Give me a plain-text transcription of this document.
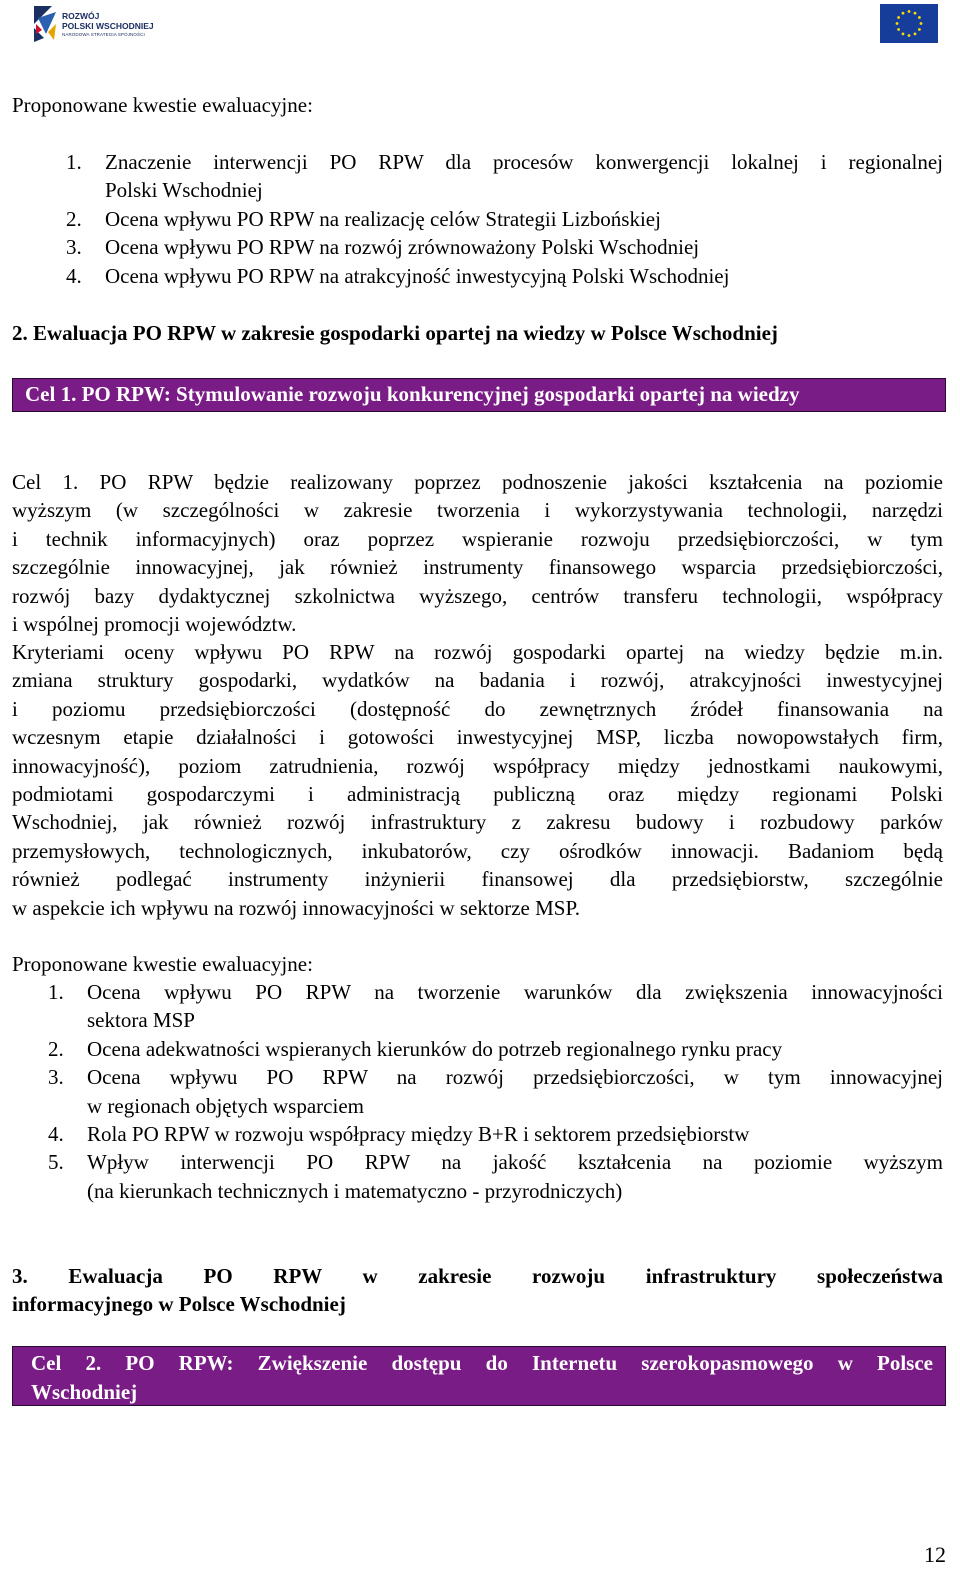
ROZWÓJ
POLSKI WSCHODNIEJ
NARODOWA STRATEGIA SPÓJNOŚCI
Proponowane kwestie ewaluacyjne:
1. Znaczenie interwencji PO RPW dla procesów konwergencji lokalnej i regionalnej
Polski Wschodniej
2. Ocena wpływu PO RPW na realizację celów Strategii Lizbońskiej
3. Ocena wpływu PO RPW na rozwój zrównoważony Polski Wschodniej
4. Ocena wpływu PO RPW na atrakcyjność inwestycyjną Polski Wschodniej
2. Ewaluacja PO RPW w zakresie gospodarki opartej na wiedzy w Polsce Wschodniej
Cel 1. PO RPW: Stymulowanie rozwoju konkurencyjnej gospodarki opartej na wiedzy
Cel 1. PO RPW będzie realizowany poprzez podnoszenie jakości kształcenia na poziomie
wyższym (w szczególności w zakresie tworzenia i wykorzystywania technologii, narzędzi
i technik informacyjnych) oraz poprzez wspieranie rozwoju przedsiębiorczości, w tym
szczególnie innowacyjnej, jak również instrumenty finansowego wsparcia przedsiębiorczości,
rozwój bazy dydaktycznej szkolnictwa wyższego, centrów transferu technologii, współpracy
i wspólnej promocji województw.
Kryteriami oceny wpływu PO RPW na rozwój gospodarki opartej na wiedzy będzie m.in.
zmiana struktury gospodarki, wydatków na badania i rozwój, atrakcyjności inwestycyjnej
i poziomu przedsiębiorczości (dostępność do zewnętrznych źródeł finansowania na
wczesnym etapie działalności i gotowości inwestycyjnej MSP, liczba nowopowstałych firm,
innowacyjność), poziom zatrudnienia, rozwój współpracy między jednostkami naukowymi,
podmiotami gospodarczymi i administracją publiczną oraz między regionami Polski
Wschodniej, jak również rozwój infrastruktury z zakresu budowy i rozbudowy parków
przemysłowych, technologicznych, inkubatorów, czy ośrodków innowacji. Badaniom będą
również podlegać instrumenty inżynierii finansowej dla przedsiębiorstw, szczególnie
w aspekcie ich wpływu na rozwój innowacyjności w sektorze MSP.
Proponowane kwestie ewaluacyjne:
1. Ocena wpływu PO RPW na tworzenie warunków dla zwiększenia innowacyjności
sektora MSP
2. Ocena adekwatności wspieranych kierunków do potrzeb regionalnego rynku pracy
3. Ocena wpływu PO RPW na rozwój przedsiębiorczości, w tym innowacyjnej
w regionach objętych wsparciem
4. Rola PO RPW w rozwoju współpracy między B+R i sektorem przedsiębiorstw
5. Wpływ interwencji PO RPW na jakość kształcenia na poziomie wyższym
(na kierunkach technicznych i matematyczno - przyrodniczych)
3. Ewaluacja PO RPW w zakresie rozwoju infrastruktury społeczeństwa
informacyjnego w Polsce Wschodniej
Cel 2. PO RPW: Zwiększenie dostępu do Internetu szerokopasmowego w Polsce
Wschodniej
12
